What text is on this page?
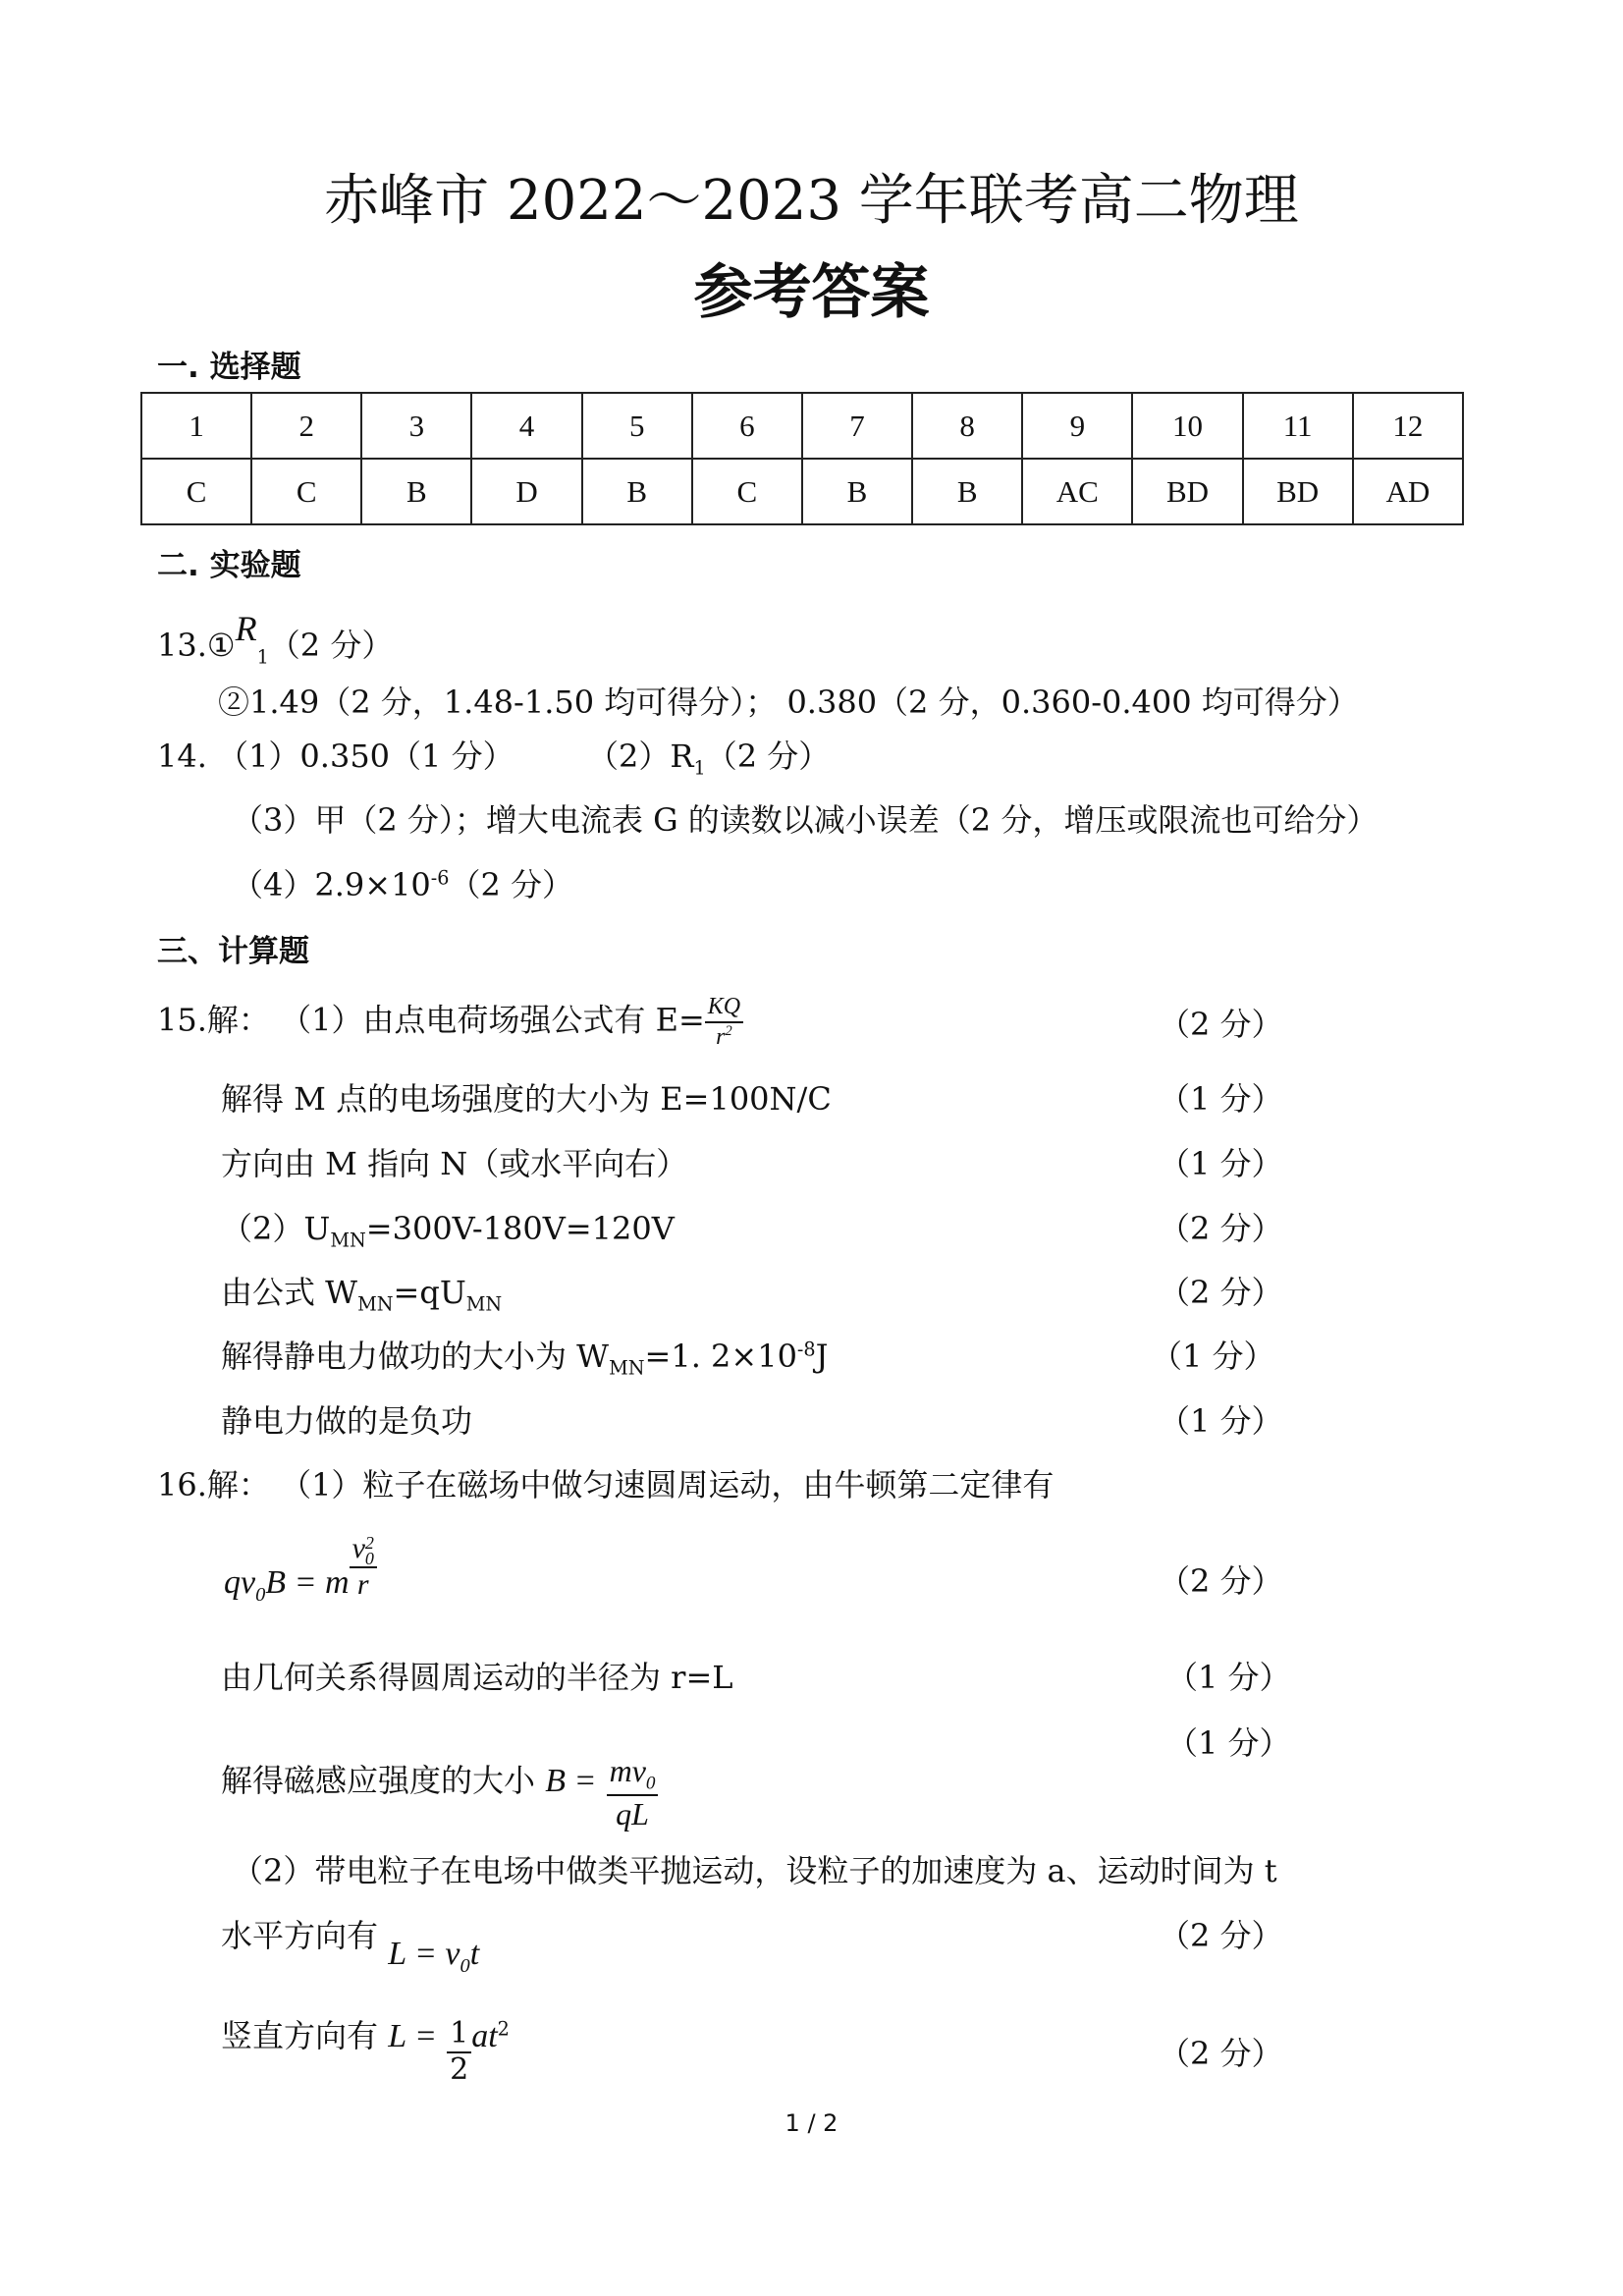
赤峰市 2022～2023 学年联考高二物理
参考答案
一. 选择题
1	2	3	4	5	6	7	8	9	10	11	12
C	C	B	D	B	C	B	B	AC	BD	BD	AD
二. 实验题
$13.①R_1(2$ 分）
②1.49（2 分，1.48-1.50 均可得分）； 0.380（2 分，0.360-0.400 均可得分）
14. （1）0.350（1 分） $(2)R_1(2$ 分）
（3）甲（2 分）；增大电流表 G 的读数以减小误差（2 分，增压或限流也可给分）
$(4)2.9\times 10^{-6}(2$ 分）
三、计算题
15.解： （1）由点电荷场强公式有 $E= \frac{KQ}{r^2}$	（2 分）
解得 M 点的电场强度的大小为 E=100N/C	（1 分）
方向由 M 指向 N（或水平向右）	（1 分）
$(2)U_{MN}=300V-180V=120V$	（2 分）
由公式 $W_{MN}=qU_{MN}$	（2 分）
解得静电力做功的大小为 $W_{MN}=1$. $2\times 10^{-8}J$	（1 分）
静电力做的是负功	（1 分）
16.解： （1）粒子在磁场中做匀速圆周运动，由牛顿第二定律有
$qv_0B = m$ v 2
0
r	（2 分）
由几何关系得圆周运动的半径为 r=L	（1 分）
（1 分）
解得磁感应强度的大小 $B = \frac{mv_0}{qL}$
（2）带电粒子在电场中做类平抛运动，设粒子的加速度为 a、运动时间为 t
水平方向有 $L = v_0t$	（2 分）
竖直方向有 $L = \frac{1}{2} at^2$
（2 分）
1 / 2
